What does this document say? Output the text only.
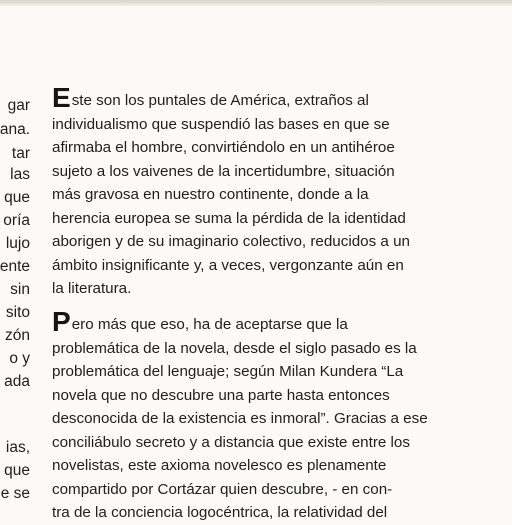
gar
ana.
tar
las
que
oría
lujo
ente
sin
sito
zón
o y
ada
ias,
que
e se
Este son los puntales de América, extraños al
individualismo que suspendió las bases en que se
afirmaba el hombre, convirtiéndolo en un antihéroe
sujeto a los vaivenes de la incertidumbre, situación
más gravosa en nuestro continente, donde a la
herencia europea se suma la pérdida de la identidad
aborigen y de su imaginario colectivo, reducidos a un
ámbito insignificante y, a veces, vergonzante aún en
la literatura.
Pero más que eso, ha de aceptarse que la
problemática de la novela, desde el siglo pasado es la
problemática del lenguaje; según Milan Kundera “La
novela que no descubre una parte hasta entonces
desconocida de la existencia es inmoral”. Gracias a ese
conciliábulo secreto y a distancia que existe entre los
novelistas, este axioma novelesco es plenamente
compartido por Cortázar quien descubre, - en con-
tra de la conciencia logocéntrica, la relatividad del
